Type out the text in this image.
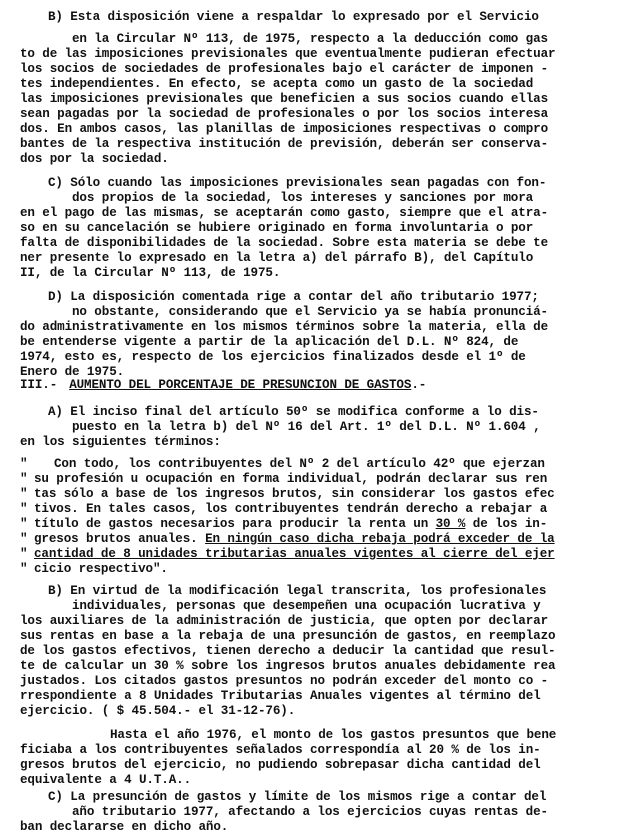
B) Esta disposición viene a respaldar lo expresado por el Servicio
en la Circular Nº 113, de 1975, respecto a la deducción como gas
to de las imposiciones previsionales que eventualmente pudieran efectuar
los socios de sociedades de profesionales bajo el carácter de imponen -
tes independientes. En efecto, se acepta como un gasto de la sociedad
las imposiciones previsionales que beneficien a sus socios cuando ellas
sean pagadas por la sociedad de profesionales o por los socios interesa
dos. En ambos casos, las planillas de imposiciones respectivas o compro
bantes de la respectiva institución de previsión, deberán ser conserva-
dos por la sociedad.
C) Sólo cuando las imposiciones previsionales sean pagadas con fon-
dos propios de la sociedad, los intereses y sanciones por mora
en el pago de las mismas, se aceptarán como gasto, siempre que el atra-
so en su cancelación se hubiere originado en forma involuntaria o por
falta de disponibilidades de la sociedad. Sobre esta materia se debe te
ner presente lo expresado en la letra a) del párrafo B), del Capítulo
II, de la Circular Nº 113, de 1975.
D) La disposición comentada rige a contar del año tributario 1977;
no obstante, considerando que el Servicio ya se había pronunciá-
do administrativamente en los mismos términos sobre la materia, ella de
be entenderse vigente a partir de la aplicación del D.L. Nº 824, de
1974, esto es, respecto de los ejercicios finalizados desde el 1º de
Enero de 1975.
III.- AUMENTO DEL PORCENTAJE DE PRESUNCION DE GASTOS.-
A) El inciso final del artículo 50º se modifica conforme a lo dis-
puesto en la letra b) del Nº 16 del Art. 1º del D.L. Nº 1.604 ,
en los siguientes términos:
"
"
"
"
"
"
"
"
Con todo, los contribuyentes del Nº 2 del artículo 42º que ejerzan
su profesión u ocupación en forma individual, podrán declarar sus ren
tas sólo a base de los ingresos brutos, sin considerar los gastos efec
tivos. En tales casos, los contribuyentes tendrán derecho a rebajar a
título de gastos necesarios para producir la renta un 30 % de los in-
gresos brutos anuales. En ningún caso dicha rebaja podrá exceder de la
cantidad de 8 unidades tributarias anuales vigentes al cierre del ejer
cicio respectivo".
B) En virtud de la modificación legal transcrita, los profesionales
individuales, personas que desempeñen una ocupación lucrativa y
los auxiliares de la administración de justicia, que opten por declarar
sus rentas en base a la rebaja de una presunción de gastos, en reemplazo
de los gastos efectivos, tienen derecho a deducir la cantidad que resul-
te de calcular un 30 % sobre los ingresos brutos anuales debidamente rea
justados. Los citados gastos presuntos no podrán exceder del monto co -
rrespondiente a 8 Unidades Tributarias Anuales vigentes al término del
ejercicio. ( $ 45.504.- el 31-12-76).
Hasta el año 1976, el monto de los gastos presuntos que bene
ficiaba a los contribuyentes señalados correspondía al 20 % de los in-
gresos brutos del ejercicio, no pudiendo sobrepasar dicha cantidad del
equivalente a 4 U.T.A..
C) La presunción de gastos y límite de los mismos rige a contar del
año tributario 1977, afectando a los ejercicios cuyas rentas de-
ban declararse en dicho año.
